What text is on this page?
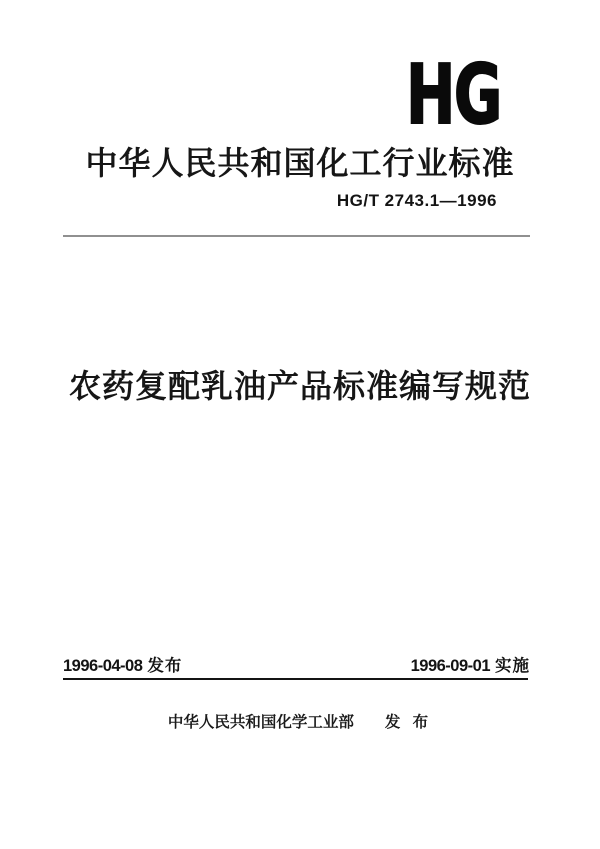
HG
中华人民共和国化工行业标准
HG/T 2743.1—1996
农药复配乳油产品标准编写规范
1996-04-08 发布	1996-09-01 实施
中华人民共和国化学工业部 发 布
